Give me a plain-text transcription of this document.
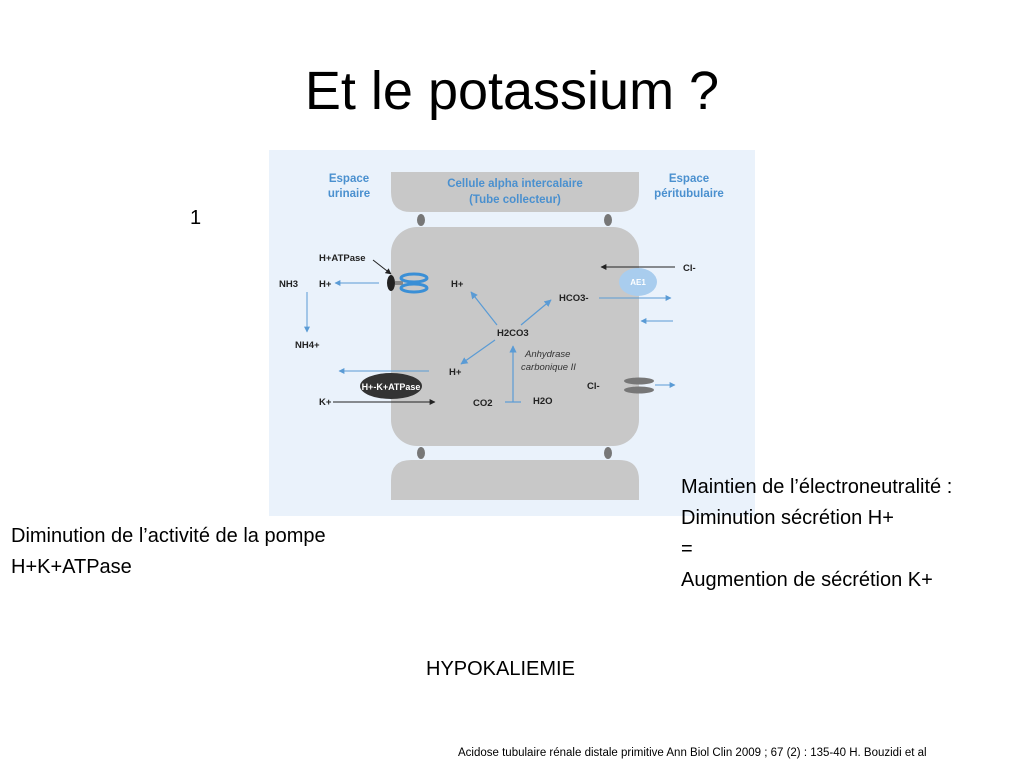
Et le potassium ?
1
Espace
urinaire
Cellule alpha intercalaire
(Tube collecteur)
Espace
péritubulaire
H+ATPase
NH3 H+
NH4+
H+
HCO3-
H2CO3
H+
Anhydrase
carbonique II
CO2	H2O
H+-K+ATPase
K+
Cl-
AE1
Cl-
Diminution de l’activité de la pompe
H+K+ATPase
Maintien de l’électroneutralité :
Diminution sécrétion H+
=
Augmention de sécrétion K+
HYPOKALIEMIE
Acidose tubulaire rénale distale primitive Ann Biol Clin 2009 ; 67 (2) : 135-40 H. Bouzidi et al
